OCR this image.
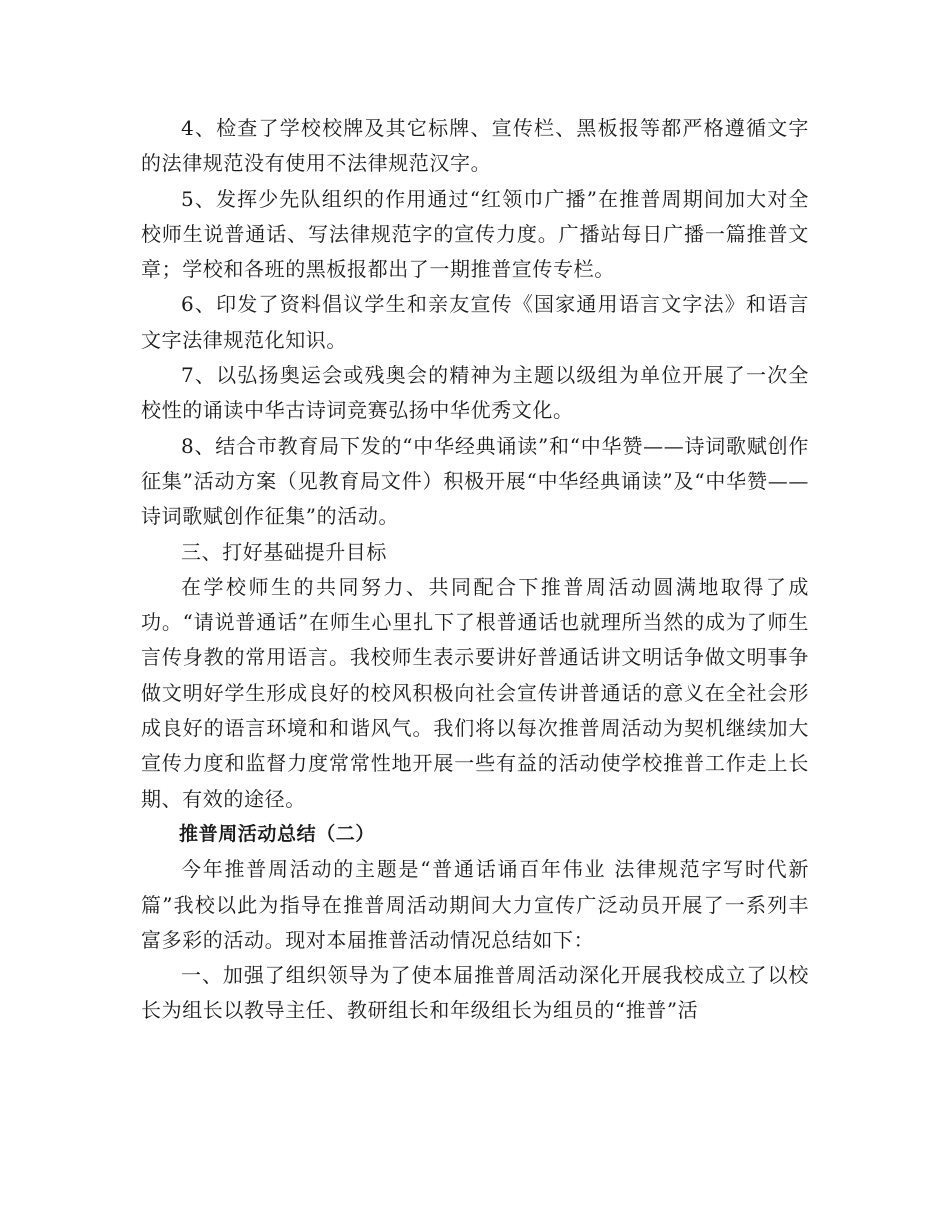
4、检查了学校校牌及其它标牌、宣传栏、黑板报等都严格遵循文字的法律规范没有使用不法律规范汉字。

5、发挥少先队组织的作用通过“红领巾广播”在推普周期间加大对全校师生说普通话、写法律规范字的宣传力度。广播站每日广播一篇推普文章；学校和各班的黑板报都出了一期推普宣传专栏。

6、印发了资料倡议学生和亲友宣传《国家通用语言文字法》和语言文字法律规范化知识。

7、以弘扬奥运会或残奥会的精神为主题以级组为单位开展了一次全校性的诵读中华古诗词竞赛弘扬中华优秀文化。

8、结合市教育局下发的“中华经典诵读”和“中华赞——诗词歌赋创作征集”活动方案（见教育局文件）积极开展“中华经典诵读”及“中华赞——诗词歌赋创作征集”的活动。

三、打好基础提升目标

在学校师生的共同努力、共同配合下推普周活动圆满地取得了成功。“请说普通话”在师生心里扎下了根普通话也就理所当然的成为了师生言传身教的常用语言。我校师生表示要讲好普通话讲文明话争做文明事争做文明好学生形成良好的校风积极向社会宣传讲普通话的意义在全社会形成良好的语言环境和和谐风气。我们将以每次推普周活动为契机继续加大宣传力度和监督力度常常性地开展一些有益的活动使学校推普工作走上长期、有效的途径。

推普周活动总结（二）

今年推普周活动的主题是“普通话诵百年伟业 法律规范字写时代新篇”我校以此为指导在推普周活动期间大力宣传广泛动员开展了一系列丰富多彩的活动。现对本届推普活动情况总结如下：

一、加强了组织领导为了使本届推普周活动深化开展我校成立了以校长为组长以教导主任、教研组长和年级组长为组员的“推普”活
